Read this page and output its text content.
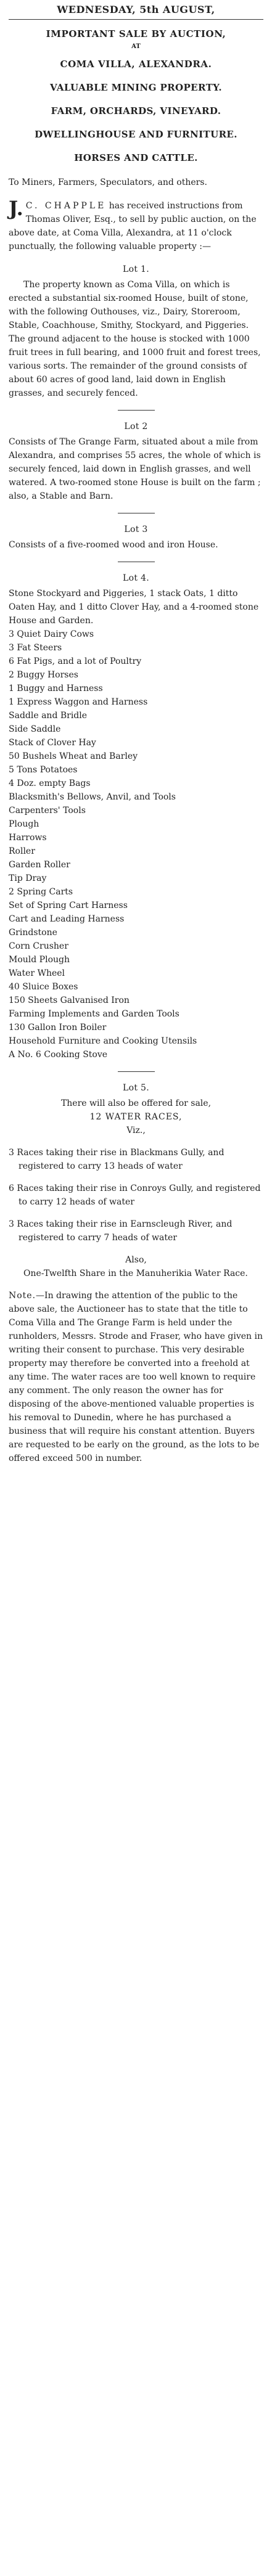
WEDNESDAY, 5th AUGUST,
IMPORTANT SALE BY AUCTION,
AT
COMA VILLA, ALEXANDRA.
VALUABLE MINING PROPERTY.
FARM, ORCHARDS, VINEYARD.
DWELLINGHOUSE AND FURNITURE.
HORSES AND CATTLE.
To Miners, Farmers, Speculators, and others.
J. C. CHAPPLE has received instructions from Thomas Oliver, Esq., to sell by public auction, on the above date, at Coma Villa, Alexandra, at 11 o'clock punctually, the following valuable property :—
Lot 1.
The property known as Coma Villa, on which is erected a substantial six-roomed House, built of stone, with the following Outhouses, viz., Dairy, Storeroom, Stable, Coachhouse, Smithy, Stockyard, and Piggeries. The ground adjacent to the house is stocked with 1000 fruit trees in full bearing, and 1000 fruit and forest trees, various sorts. The remainder of the ground consists of about 60 acres of good land, laid down in English grasses, and securely fenced.
Lot 2
Consists of The Grange Farm, situated about a mile from Alexandra, and comprises 55 acres, the whole of which is securely fenced, laid down in English grasses, and well watered. A two-roomed stone House is built on the farm ; also, a Stable and Barn.
Lot 3
Consists of a five-roomed wood and iron House.
Lot 4.
Stone Stockyard and Piggeries, 1 stack Oats, 1 ditto Oaten Hay, and 1 ditto Clover Hay, and a 4-roomed stone House and Garden.
3 Quiet Dairy Cows
3 Fat Steers
6 Fat Pigs, and a lot of Poultry
2 Buggy Horses
1 Buggy and Harness
1 Express Waggon and Harness
Saddle and Bridle
Side Saddle
Stack of Clover Hay
50 Bushels Wheat and Barley
5 Tons Potatoes
4 Doz. empty Bags
Blacksmith's Bellows, Anvil, and Tools
Carpenters' Tools
Plough
Harrows
Roller
Garden Roller
Tip Dray
2 Spring Carts
Set of Spring Cart Harness
Cart and Leading Harness
Grindstone
Corn Crusher
Mould Plough
Water Wheel
40 Sluice Boxes
150 Sheets Galvanised Iron
Farming Implements and Garden Tools
130 Gallon Iron Boiler
Household Furniture and Cooking Utensils
A No. 6 Cooking Stove
Lot 5.
There will also be offered for sale,
12 WATER RACES,
Viz.,
3 Races taking their rise in Blackmans Gully, and registered to carry 13 heads of water
6 Races taking their rise in Conroys Gully, and registered to carry 12 heads of water
3 Races taking their rise in Earnscleugh River, and registered to carry 7 heads of water
Also,
One-Twelfth Share in the Manuherikia Water Race.
Note.—In drawing the attention of the public to the above sale, the Auctioneer has to state that the title to Coma Villa and The Grange Farm is held under the runholders, Messrs. Strode and Fraser, who have given in writing their consent to purchase. This very desirable property may therefore be converted into a freehold at any time. The water races are too well known to require any comment. The only reason the owner has for disposing of the above-mentioned valuable properties is his removal to Dunedin, where he has purchased a business that will require his constant attention. Buyers are requested to be early on the ground, as the lots to be offered exceed 500 in number.
